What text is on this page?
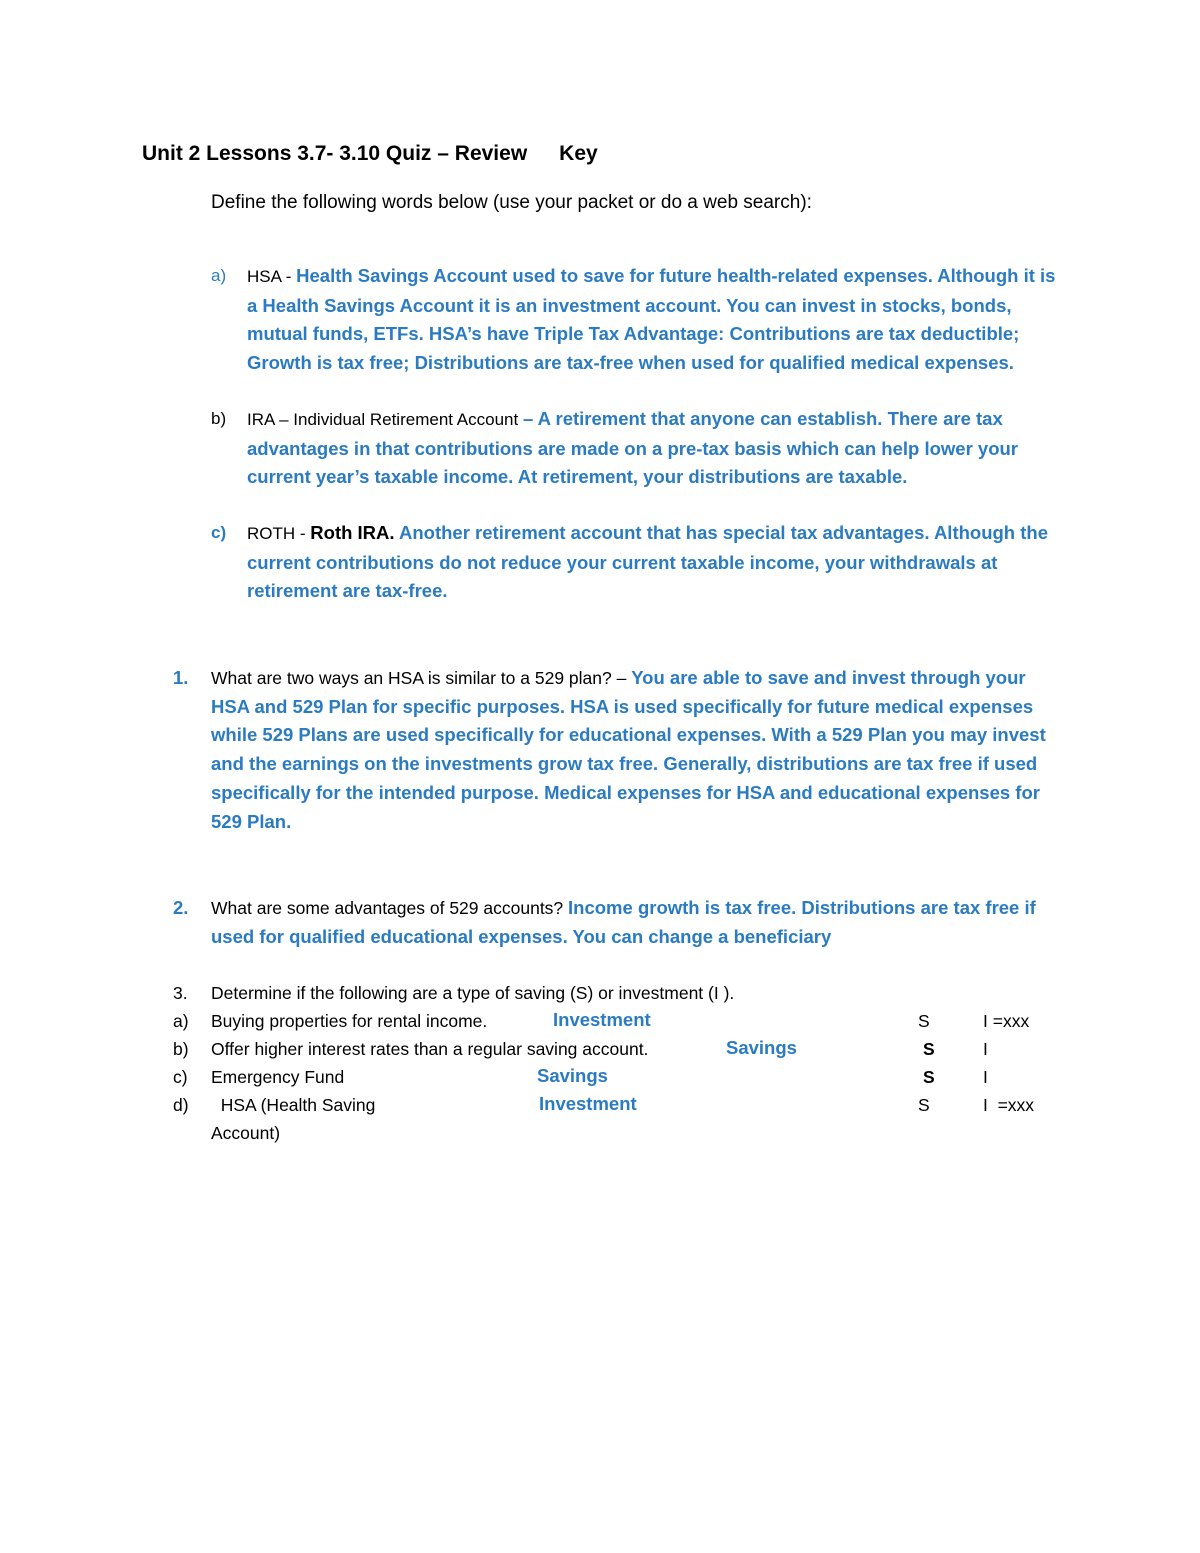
Unit 2 Lessons 3.7- 3.10 Quiz – Review Key
Define the following words below (use your packet or do a web search):
a)	HSA - Health Savings Account used to save for future health-related expenses. Although it is a Health Savings Account it is an investment account. You can invest in stocks, bonds, mutual funds, ETFs. HSA’s have Triple Tax Advantage: Contributions are tax deductible; Growth is tax free; Distributions are tax-free when used for qualified medical expenses.
b)	IRA – Individual Retirement Account – A retirement that anyone can establish. There are tax advantages in that contributions are made on a pre-tax basis which can help lower your current year’s taxable income. At retirement, your distributions are taxable.
c)	ROTH - Roth IRA. Another retirement account that has special tax advantages. Although the current contributions do not reduce your current taxable income, your withdrawals at retirement are tax-free.
1.	What are two ways an HSA is similar to a 529 plan? – You are able to save and invest through your HSA and 529 Plan for specific purposes. HSA is used specifically for future medical expenses while 529 Plans are used specifically for educational expenses. With a 529 Plan you may invest and the earnings on the investments grow tax free. Generally, distributions are tax free if used specifically for the intended purpose. Medical expenses for HSA and educational expenses for 529 Plan.
2.	What are some advantages of 529 accounts? Income growth is tax free. Distributions are tax free if used for qualified educational expenses. You can change a beneficiary
3. Determine if the following are a type of saving (S) or investment (I ).
a) Buying properties for rental income.	Investment	S	I =xxx
b) Offer higher interest rates than a regular saving account.	Savings	S	I
c) Emergency Fund	Savings	S	I
d) HSA (Health Saving
Account)
Investment	S	I  =xxx
